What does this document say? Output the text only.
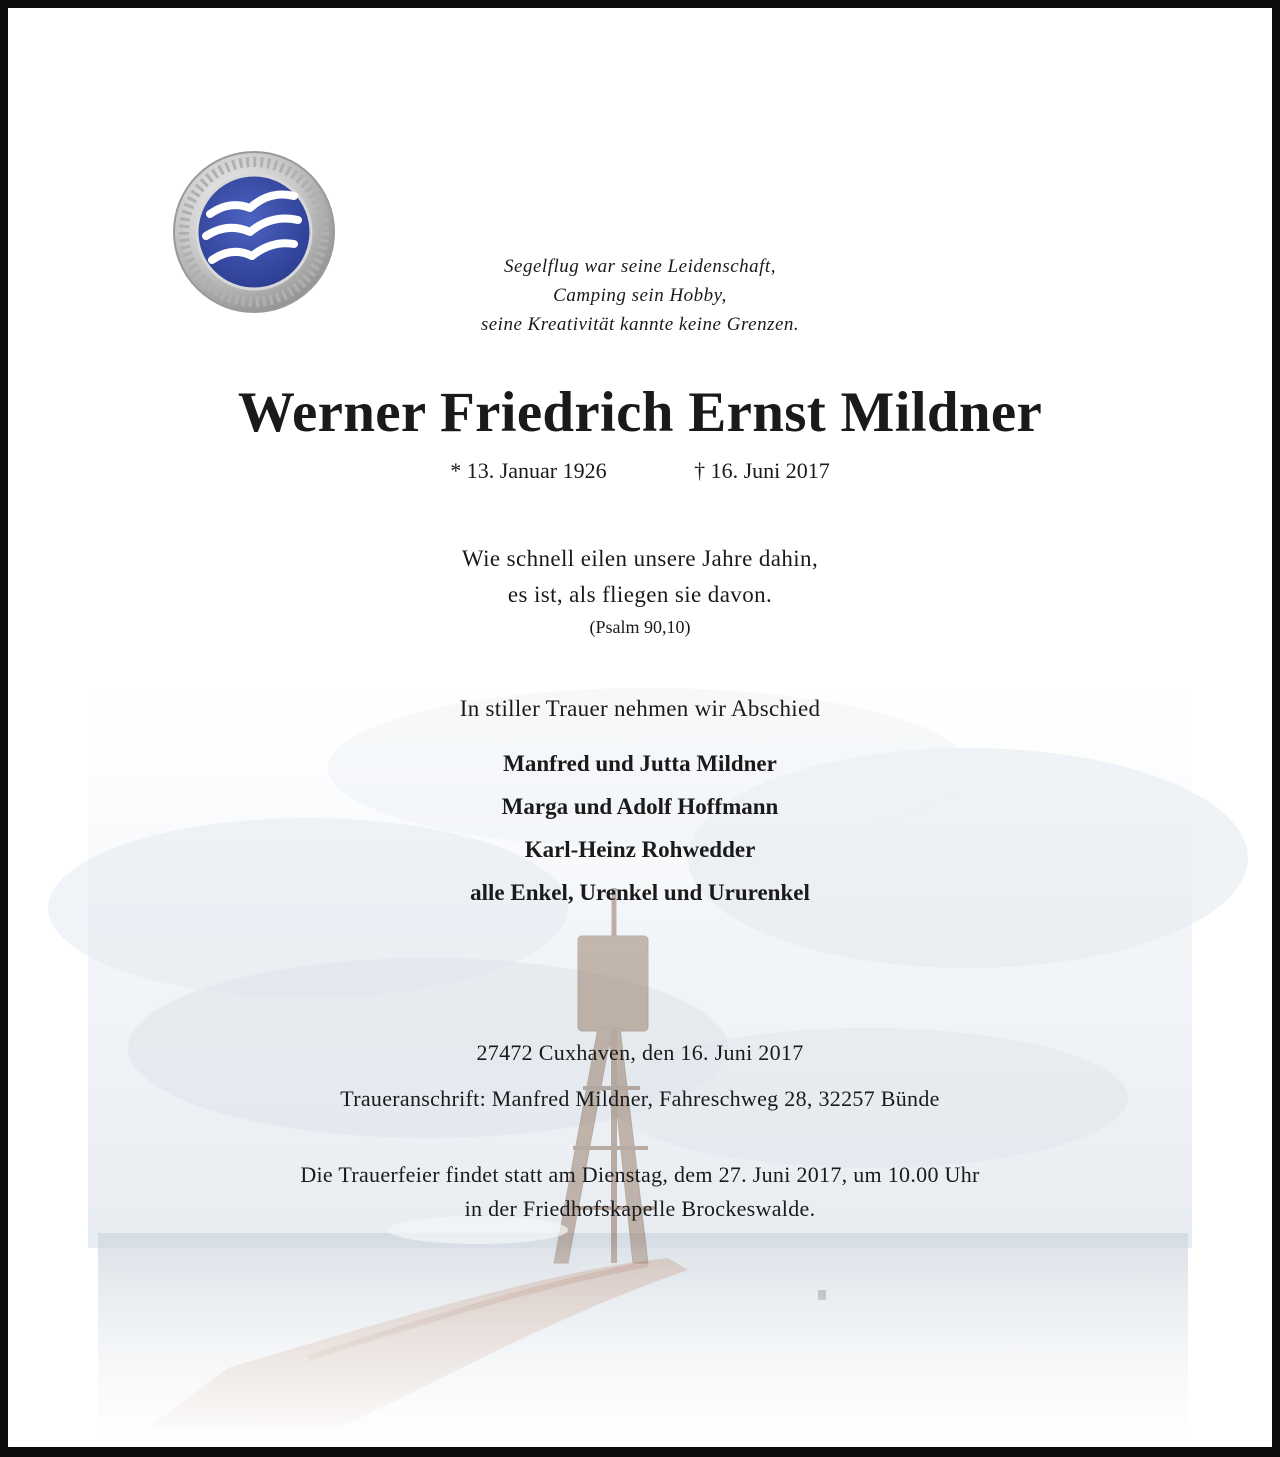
Segelflug war seine Leidenschaft,
Camping sein Hobby,
seine Kreativität kannte keine Grenzen.
Werner Friedrich Ernst Mildner
* 13. Januar 1926	† 16. Juni 2017
Wie schnell eilen unsere Jahre dahin,
es ist, als fliegen sie davon.
(Psalm 90,10)
In stiller Trauer nehmen wir Abschied
Manfred und Jutta Mildner
Marga und Adolf Hoffmann
Karl-Heinz Rohwedder
alle Enkel, Urenkel und Ururenkel
27472 Cuxhaven, den 16. Juni 2017
Traueranschrift: Manfred Mildner, Fahreschweg 28, 32257 Bünde
Die Trauerfeier findet statt am Dienstag, dem 27. Juni 2017, um 10.00 Uhr
in der Friedhofskapelle Brockeswalde.
